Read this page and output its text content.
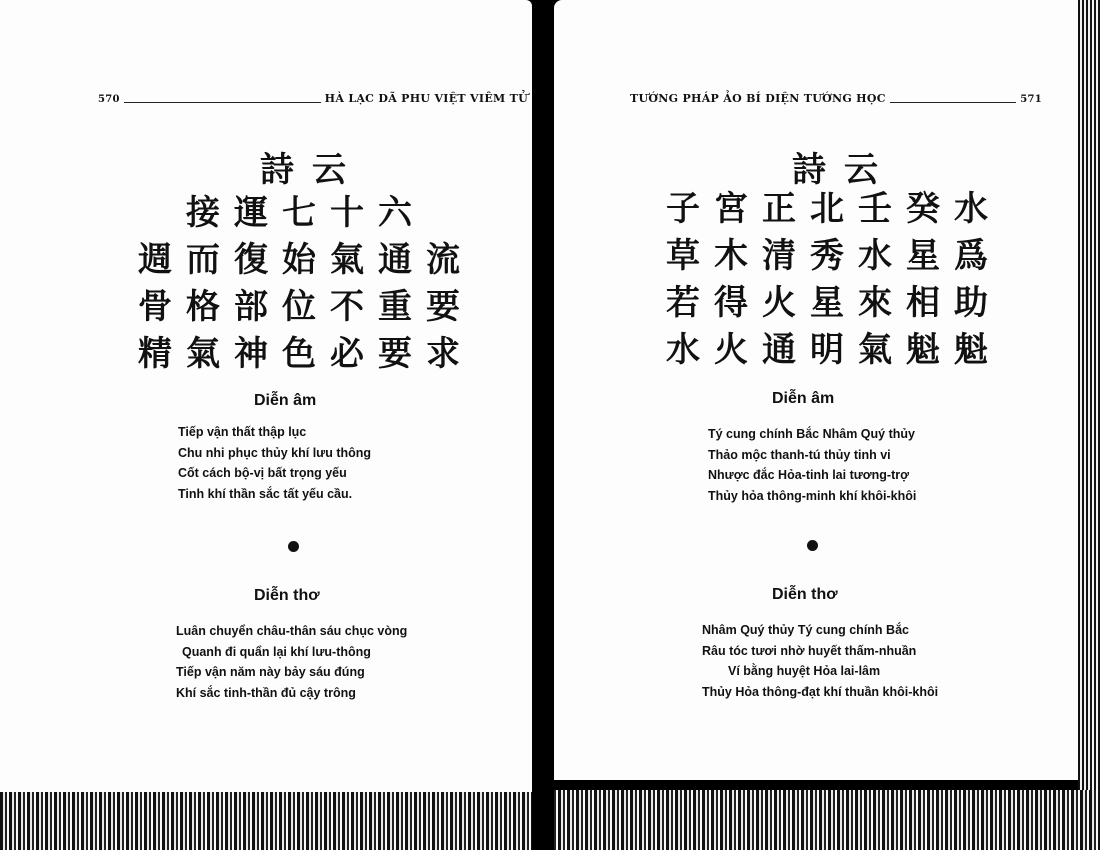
570	HÀ LẠC DÃ PHU VIỆT VIÊM TỬ
詩云
接運七十六
週而復始氣通流
骨格部位不重要
精氣神色必要求
Diễn âm
Tiếp vận thất thập lục
Chu nhi phục thủy khí lưu thông
Cốt cách bộ-vị bất trọng yếu
Tinh khí thần sắc tất yếu cầu.
Diễn thơ
Luân chuyển châu-thân sáu chục vòng
Quanh đi quẩn lại khí lưu-thông
Tiếp vận năm này bảy sáu đúng
Khí sắc tinh-thần đủ cậy trông
TƯỚNG PHÁP ẢO BÍ DIỆN TƯỚNG HỌC	571
詩云
子宮正北壬癸水
草木清秀水星爲
若得火星來相助
水火通明氣魁魁
Diễn âm
Tý cung chính Bắc Nhâm Quý thủy
Thảo mộc thanh-tú thủy tinh vi
Nhược đắc Hỏa-tinh lai tương-trợ
Thủy hỏa thông-minh khí khôi-khôi
Diễn thơ
Nhâm Quý thủy Tý cung chính Bắc
Râu tóc tươi nhờ huyết thấm-nhuần
Ví bằng huyệt Hỏa lai-lâm
Thủy Hỏa thông-đạt khí thuần khôi-khôi
